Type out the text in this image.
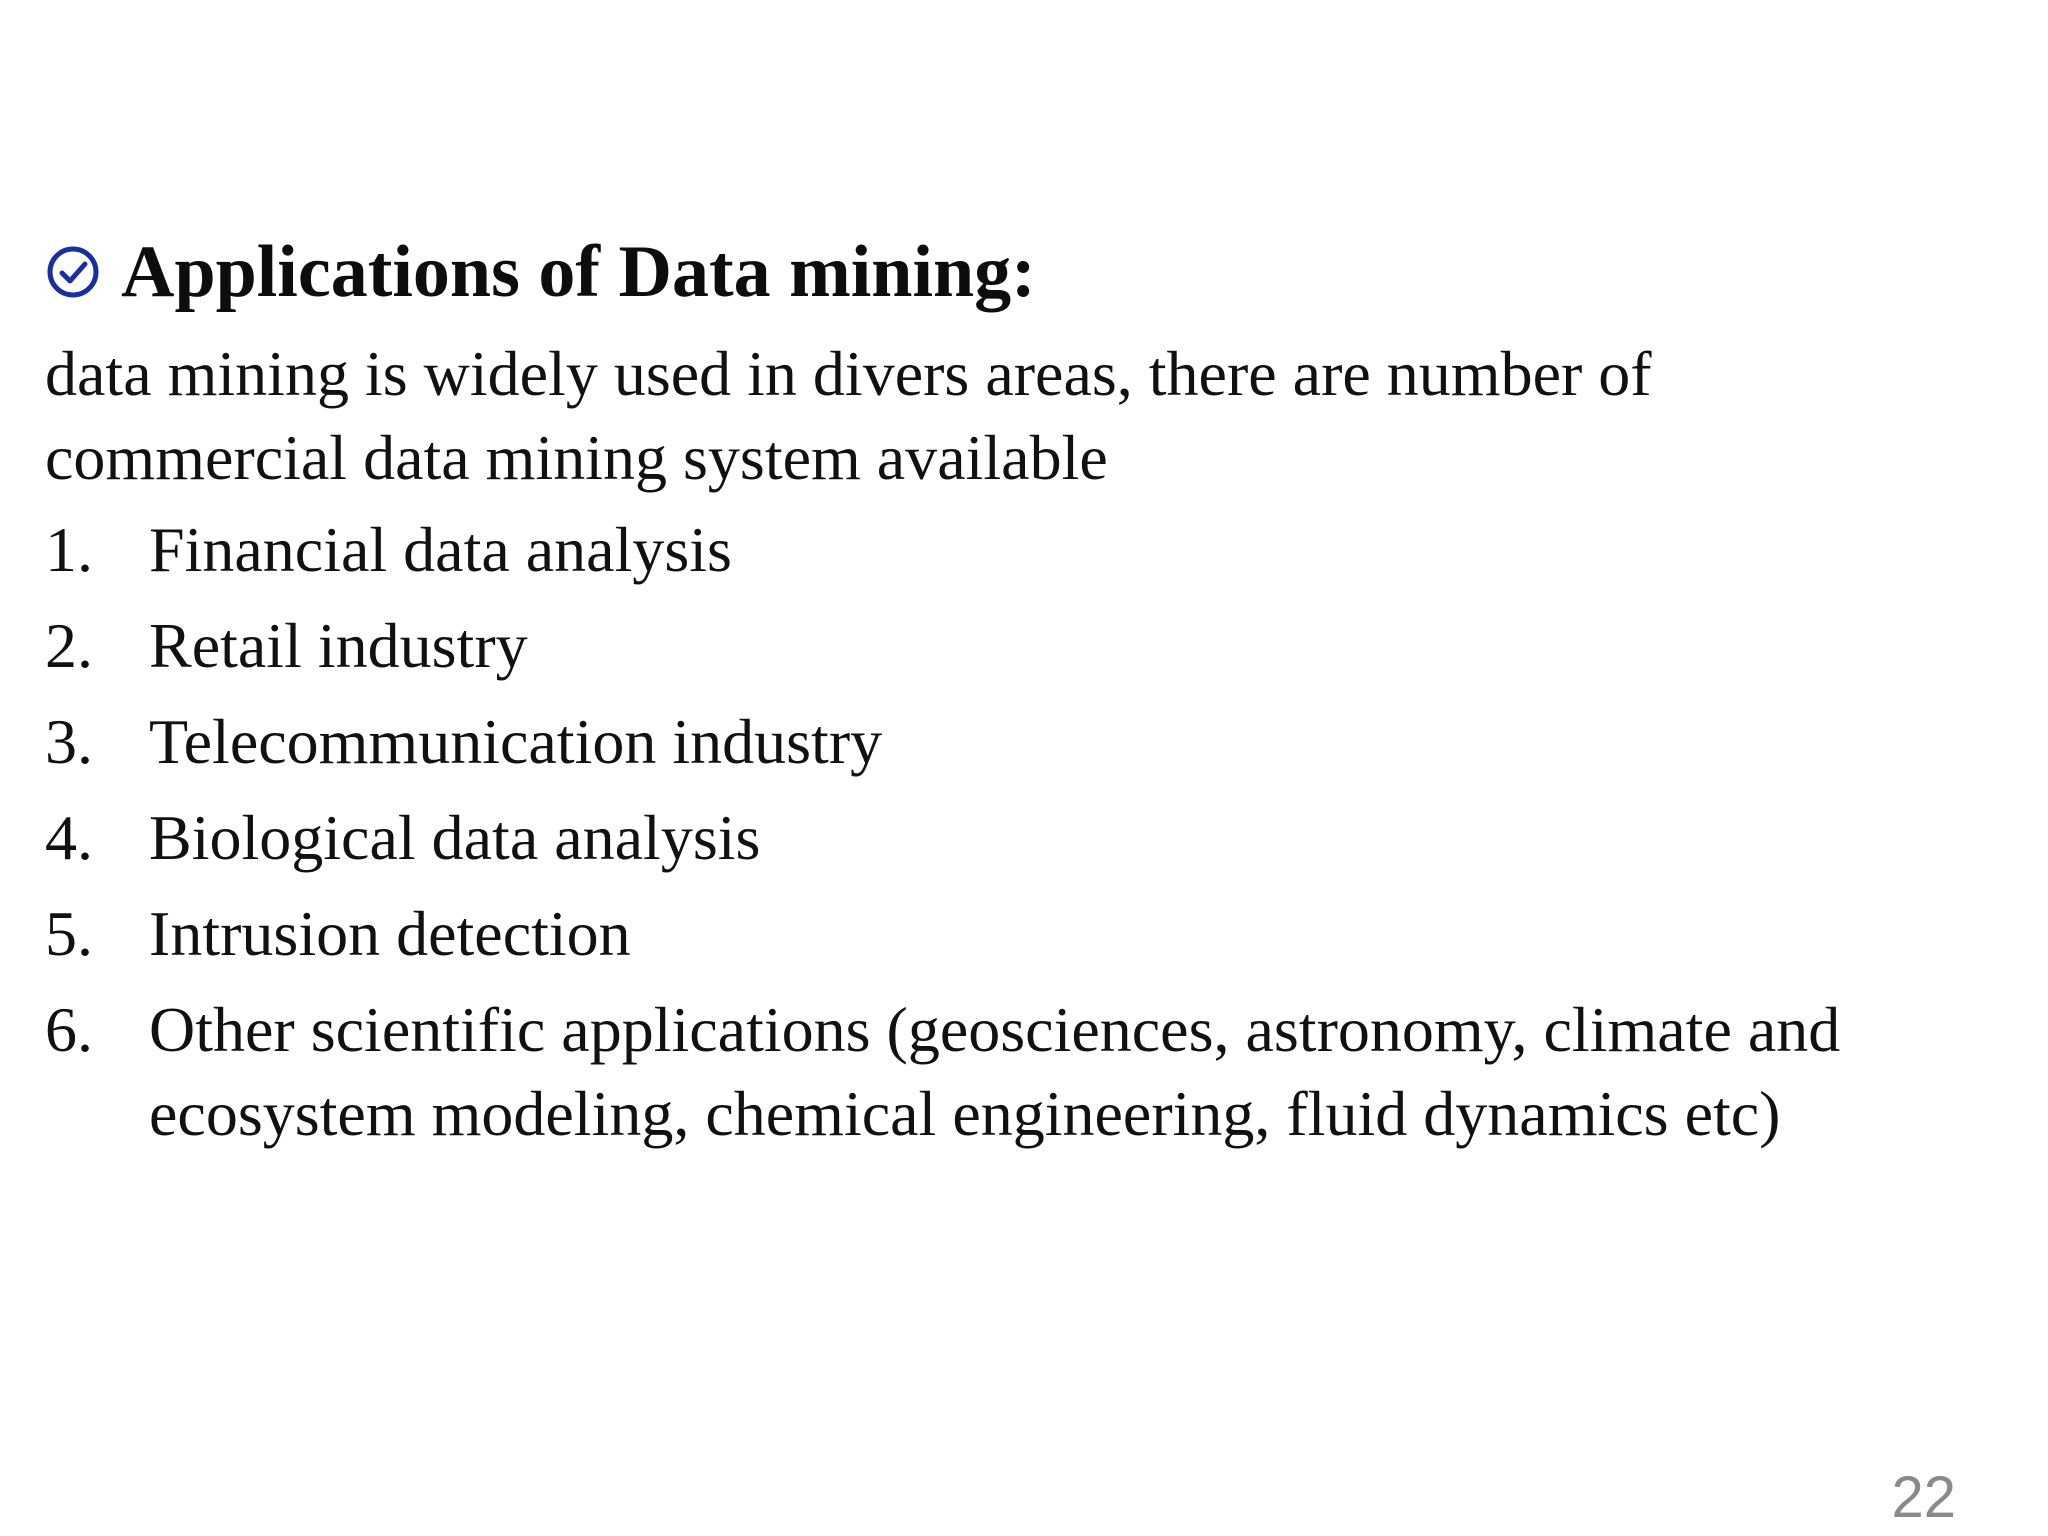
Applications of Data mining:
data mining is widely used in divers areas, there are number of
commercial data mining system available
1. Financial data analysis
2. Retail industry
3. Telecommunication industry
4. Biological data analysis
5. Intrusion detection
6. Other scientific applications (geosciences, astronomy, climate and
ecosystem modeling, chemical engineering, fluid dynamics etc)
22
